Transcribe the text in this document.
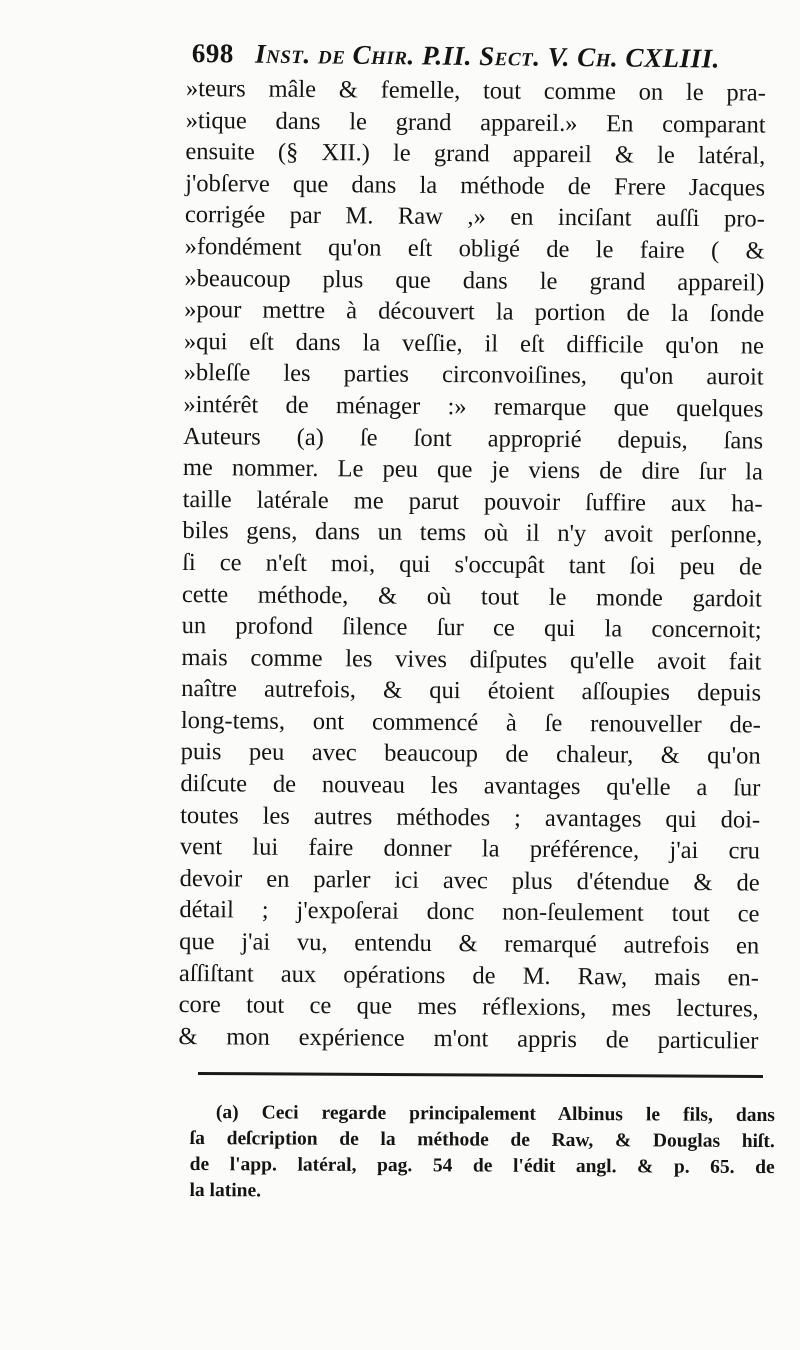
698 Inst. de Chir. P.II. Sect. V. Ch. CXLIII.
»teurs mâle & femelle, tout comme on le pra-
»tique dans le grand appareil.» En comparant
ensuite (§ XII.) le grand appareil & le latéral,
j'obſerve que dans la méthode de Frere Jacques
corrigée par M. Raw ,» en inciſant auſſi pro-
»fondément qu'on eſt obligé de le faire ( &
»beaucoup plus que dans le grand appareil)
»pour mettre à découvert la portion de la ſonde
»qui eſt dans la veſſie, il eſt difficile qu'on ne
»bleſſe les parties circonvoiſines, qu'on auroit
»intérêt de ménager :» remarque que quelques
Auteurs (a) ſe ſont approprié depuis, ſans
me nommer. Le peu que je viens de dire ſur la
taille latérale me parut pouvoir ſuffire aux ha-
biles gens, dans un tems où il n'y avoit perſonne,
ſi ce n'eſt moi, qui s'occupât tant ſoi peu de
cette méthode, & où tout le monde gardoit
un profond ſilence ſur ce qui la concernoit;
mais comme les vives diſputes qu'elle avoit fait
naître autrefois, & qui étoient aſſoupies depuis
long-tems, ont commencé à ſe renouveller de-
puis peu avec beaucoup de chaleur, & qu'on
diſcute de nouveau les avantages qu'elle a ſur
toutes les autres méthodes ; avantages qui doi-
vent lui faire donner la préférence, j'ai cru
devoir en parler ici avec plus d'étendue & de
détail ; j'expoſerai donc non-ſeulement tout ce
que j'ai vu, entendu & remarqué autrefois en
aſſiſtant aux opérations de M. Raw, mais en-
core tout ce que mes réflexions, mes lectures,
& mon expérience m'ont appris de particulier
(a) Ceci regarde principalement Albinus le fils, dans
ſa deſcription de la méthode de Raw, & Douglas hiſt.
de l'app. latéral, pag. 54 de l'édit angl. & p. 65. de
la latine.
